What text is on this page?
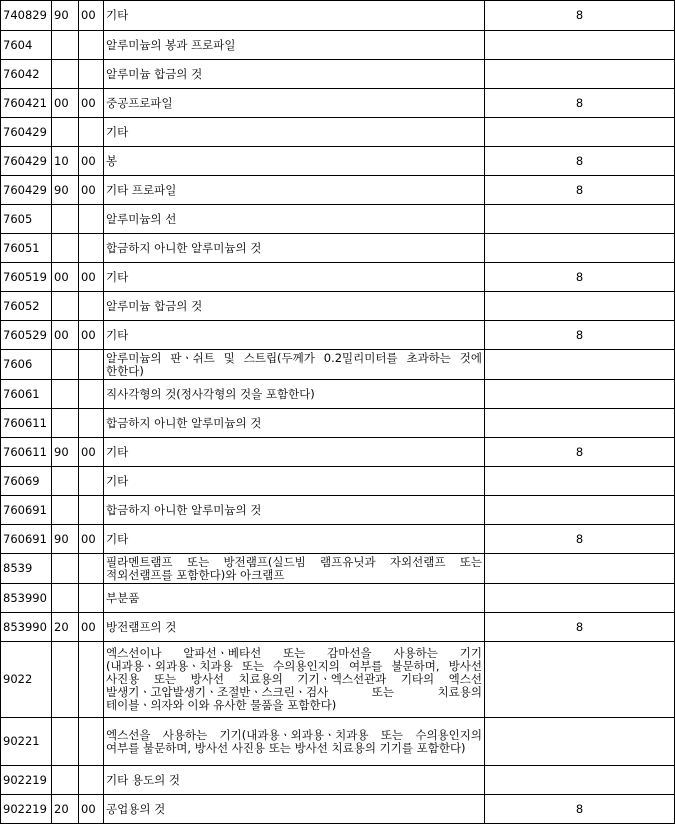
740829	90	00	기타	8
7604			알루미늄의 봉과 프로파일	
76042			알루미늄 합금의 것	
760421	00	00	중공프로파일	8
760429			기타	
760429	10	00	봉	8
760429	90	00	기타 프로파일	8
7605			알루미늄의 선	
76051			합금하지 아니한 알루미늄의 것	
760519	00	00	기타	8
76052			알루미늄 합금의 것	
760529	00	00	기타	8
7606			알루미늄의 판ㆍ쉬트 및 스트립(두께가 0.2밀리미터를 초과하는 것에 한한다)	
76061			직사각형의 것(정사각형의 것을 포함한다)	
760611			합금하지 아니한 알루미늄의 것	
760611	90	00	기타	8
76069			기타	
760691			합금하지 아니한 알루미늄의 것	
760691	90	00	기타	8
8539			필라멘트램프 또는 방전램프(실드빔 램프유닛과 자외선램프 또는 적외선램프를 포함한다)와 아크램프	
853990			부분품	
853990	20	00	방전램프의 것	8
9022			엑스선이나 알파선ㆍ베타선 또는 감마선을 사용하는 기기(내과용ㆍ외과용ㆍ치과용 또는 수의용인지의 여부를 불문하며, 방사선 사진용 또는 방사선 치료용의 기기ㆍ엑스선관과 기타의 엑스선 발생기ㆍ고압발생기ㆍ조절반ㆍ스크린ㆍ검사 또는 치료용의 테이블ㆍ의자와 이와 유사한 물품을 포함한다)	
90221			엑스선을 사용하는 기기(내과용ㆍ외과용ㆍ치과용 또는 수의용인지의 여부를 불문하며, 방사선 사진용 또는 방사선 치료용의 기기를 포함한다)	
902219			기타 용도의 것	
902219	20	00	공업용의 것	8
